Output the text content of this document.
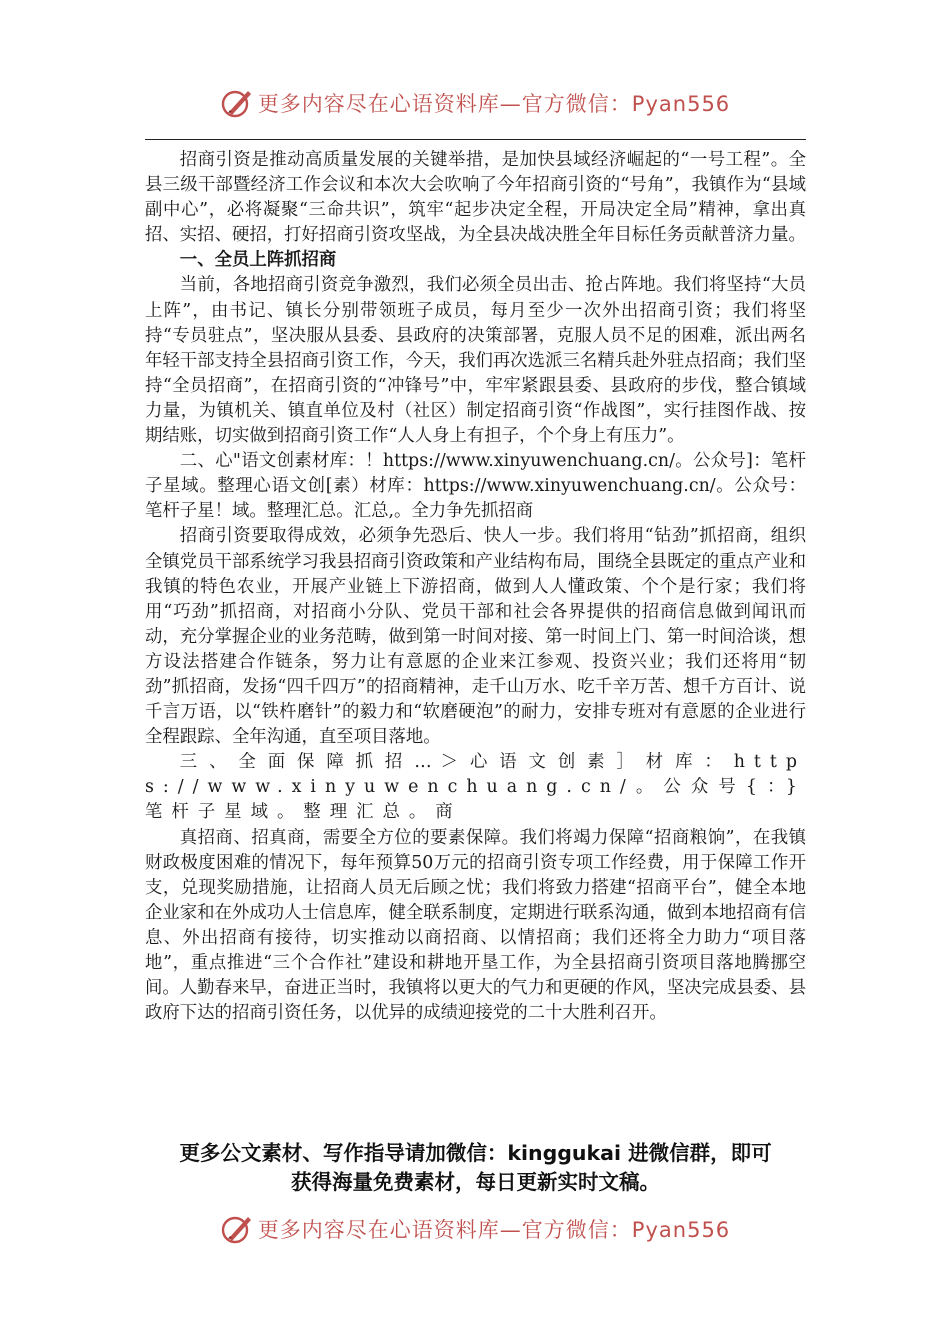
更多内容尽在心语资料库—官方微信：Pyan556

招商引资是推动高质量发展的关键举措，是加快县域经济崛起的“一号工程”。全县三级干部暨经济工作会议和本次大会吹响了今年招商引资的“号角”，我镇作为“县域副中心”，必将凝聚“三命共识”，筑牢“起步决定全程，开局决定全局”精神，拿出真招、实招、硬招，打好招商引资攻坚战，为全县决战决胜全年目标任务贡献普济力量。

一、全员上阵抓招商

当前，各地招商引资竞争激烈，我们必须全员出击、抢占阵地。我们将坚持“大员上阵”，由书记、镇长分别带领班子成员，每月至少一次外出招商引资；我们将坚持“专员驻点”，坚决服从县委、县政府的决策部署，克服人员不足的困难，派出两名年轻干部支持全县招商引资工作，今天，我们再次选派三名精兵赴外驻点招商；我们坚持“全员招商”，在招商引资的“冲锋号”中，牢牢紧跟县委、县政府的步伐，整合镇域力量，为镇机关、镇直单位及村（社区）制定招商引资“作战图”，实行挂图作战、按期结账，切实做到招商引资工作“人人身上有担子，个个身上有压力”。

二、心"语文创素材库：！https://www.xinyuwenchuang.cn/。公众号]：笔杆子星域。整理心语文创[素）材库：https://www.xinyuwenchuang.cn/。公众号：笔杆子星！域。整理汇总。汇总,。全力争先抓招商

招商引资要取得成效，必须争先恐后、快人一步。我们将用“钻劲”抓招商，组织全镇党员干部系统学习我县招商引资政策和产业结构布局，围绕全县既定的重点产业和我镇的特色农业，开展产业链上下游招商，做到人人懂政策、个个是行家；我们将用“巧劲”抓招商，对招商小分队、党员干部和社会各界提供的招商信息做到闻讯而动，充分掌握企业的业务范畴，做到第一时间对接、第一时间上门、第一时间洽谈，想方设法搭建合作链条，努力让有意愿的企业来江参观、投资兴业；我们还将用“韧劲”抓招商，发扬“四千四万”的招商精神，走千山万水、吃千辛万苦、想千方百计、说千言万语，以“铁杵磨针”的毅力和“软磨硬泡”的耐力，安排专班对有意愿的企业进行全程跟踪、全年沟通，直至项目落地。

三、全面保障抓招…＞心语文创素］材库：https://www.xinyuwenchuang.cn/。公众号{：}笔杆子星域。整理汇总。商

真招商、招真商，需要全方位的要素保障。我们将竭力保障“招商粮饷”，在我镇财政极度困难的情况下，每年预算50万元的招商引资专项工作经费，用于保障工作开支，兑现奖励措施，让招商人员无后顾之忧；我们将致力搭建“招商平台”，健全本地企业家和在外成功人士信息库，健全联系制度，定期进行联系沟通，做到本地招商有信息、外出招商有接待，切实推动以商招商、以情招商；我们还将全力助力“项目落地”，重点推进“三个合作社”建设和耕地开垦工作，为全县招商引资项目落地腾挪空间。人勤春来早，奋进正当时，我镇将以更大的气力和更硬的作风，坚决完成县委、县政府下达的招商引资任务，以优异的成绩迎接党的二十大胜利召开。

更多公文素材、写作指导请加微信：kinggukai 进微信群，即可
获得海量免费素材，每日更新实时文稿。
更多内容尽在心语资料库—官方微信：Pyan556
